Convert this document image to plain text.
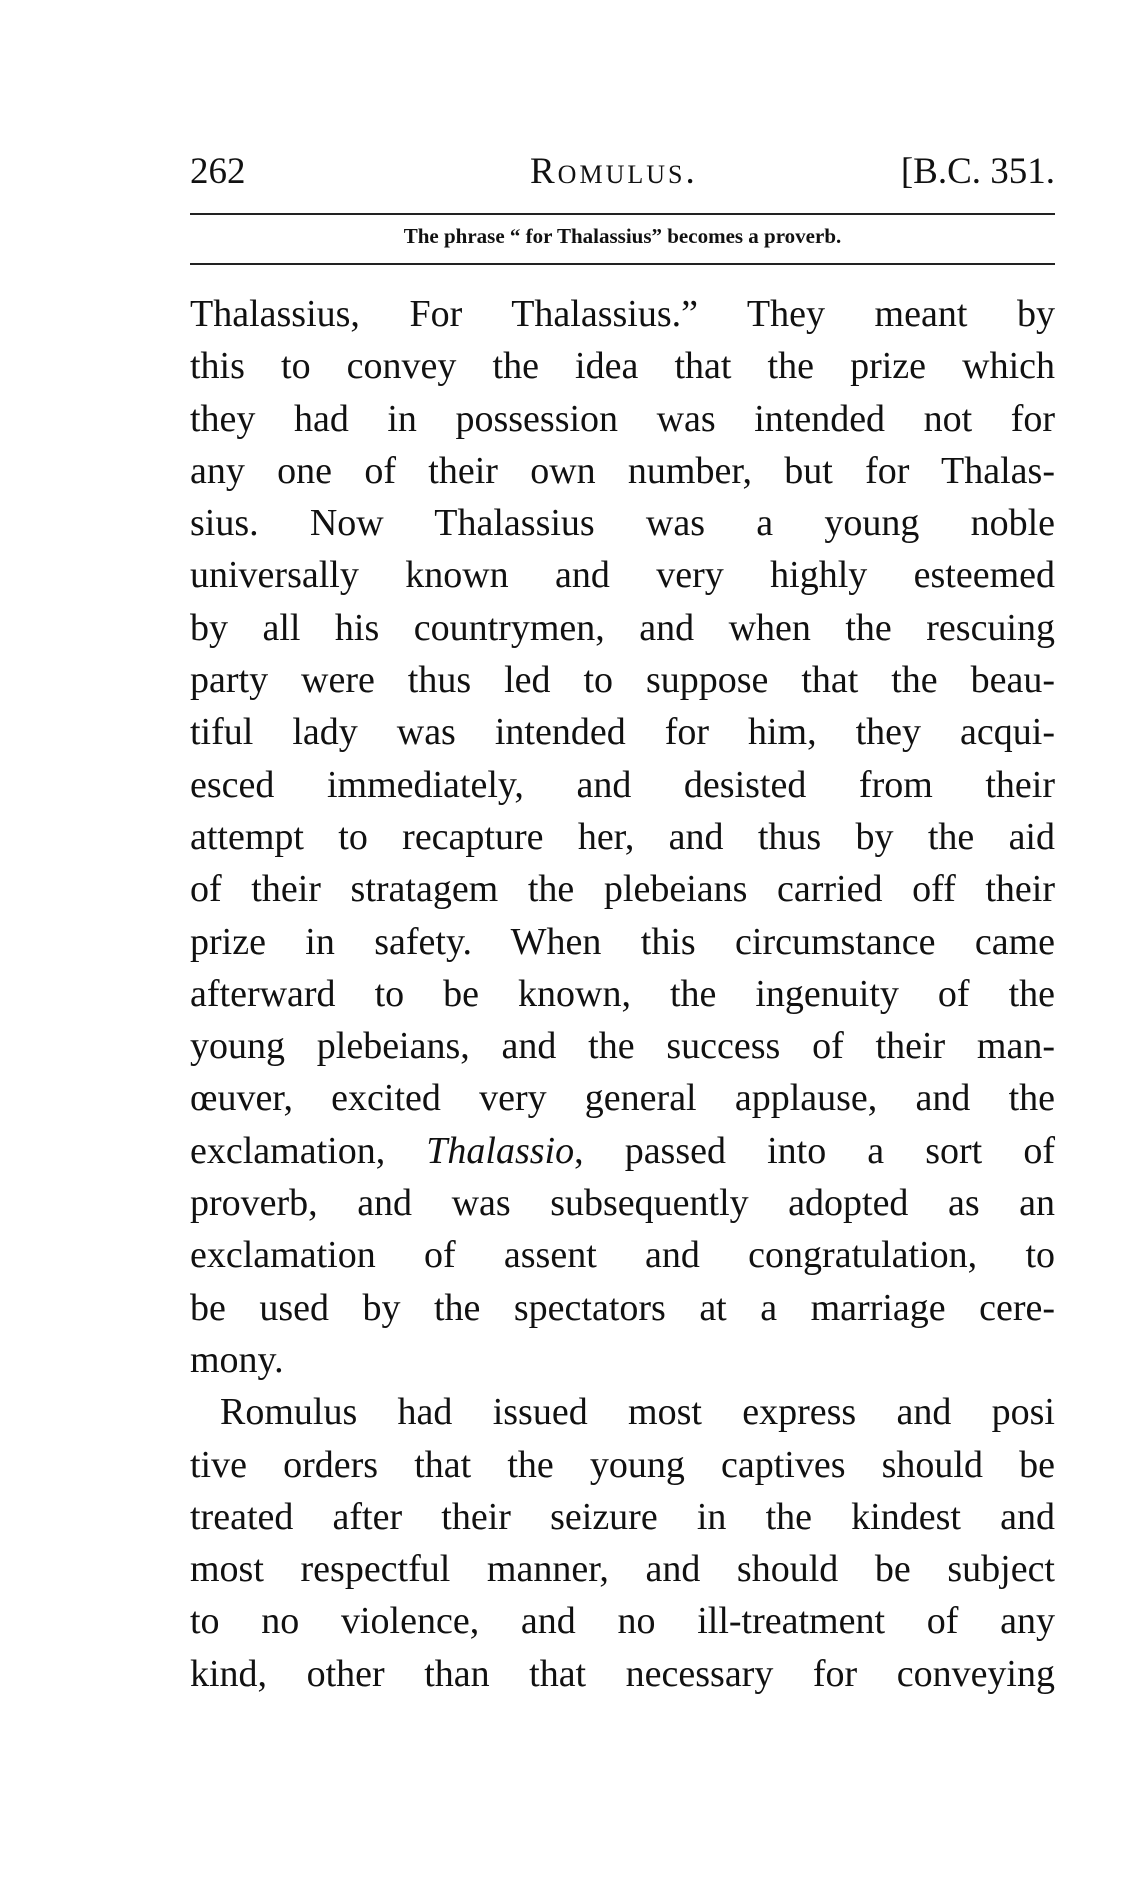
262	Romulus.	[B.C. 351.
The phrase “ for Thalassius” becomes a proverb.
Thalassius, For Thalassius.” They meant by
this to convey the idea that the prize which
they had in possession was intended not for
any one of their own number, but for Thalas-
sius. Now Thalassius was a young noble
universally known and very highly esteemed
by all his countrymen, and when the rescuing
party were thus led to suppose that the beau-
tiful lady was intended for him, they acqui-
esced immediately, and desisted from their
attempt to recapture her, and thus by the aid
of their stratagem the plebeians carried off their
prize in safety. When this circumstance came
afterward to be known, the ingenuity of the
young plebeians, and the success of their man-
œuver, excited very general applause, and the
exclamation, Thalassio, passed into a sort of
proverb, and was subsequently adopted as an
exclamation of assent and congratulation, to
be used by the spectators at a marriage cere-
mony.
Romulus had issued most express and posi
tive orders that the young captives should be
treated after their seizure in the kindest and
most respectful manner, and should be subject
to no violence, and no ill-treatment of any
kind, other than that necessary for conveying
